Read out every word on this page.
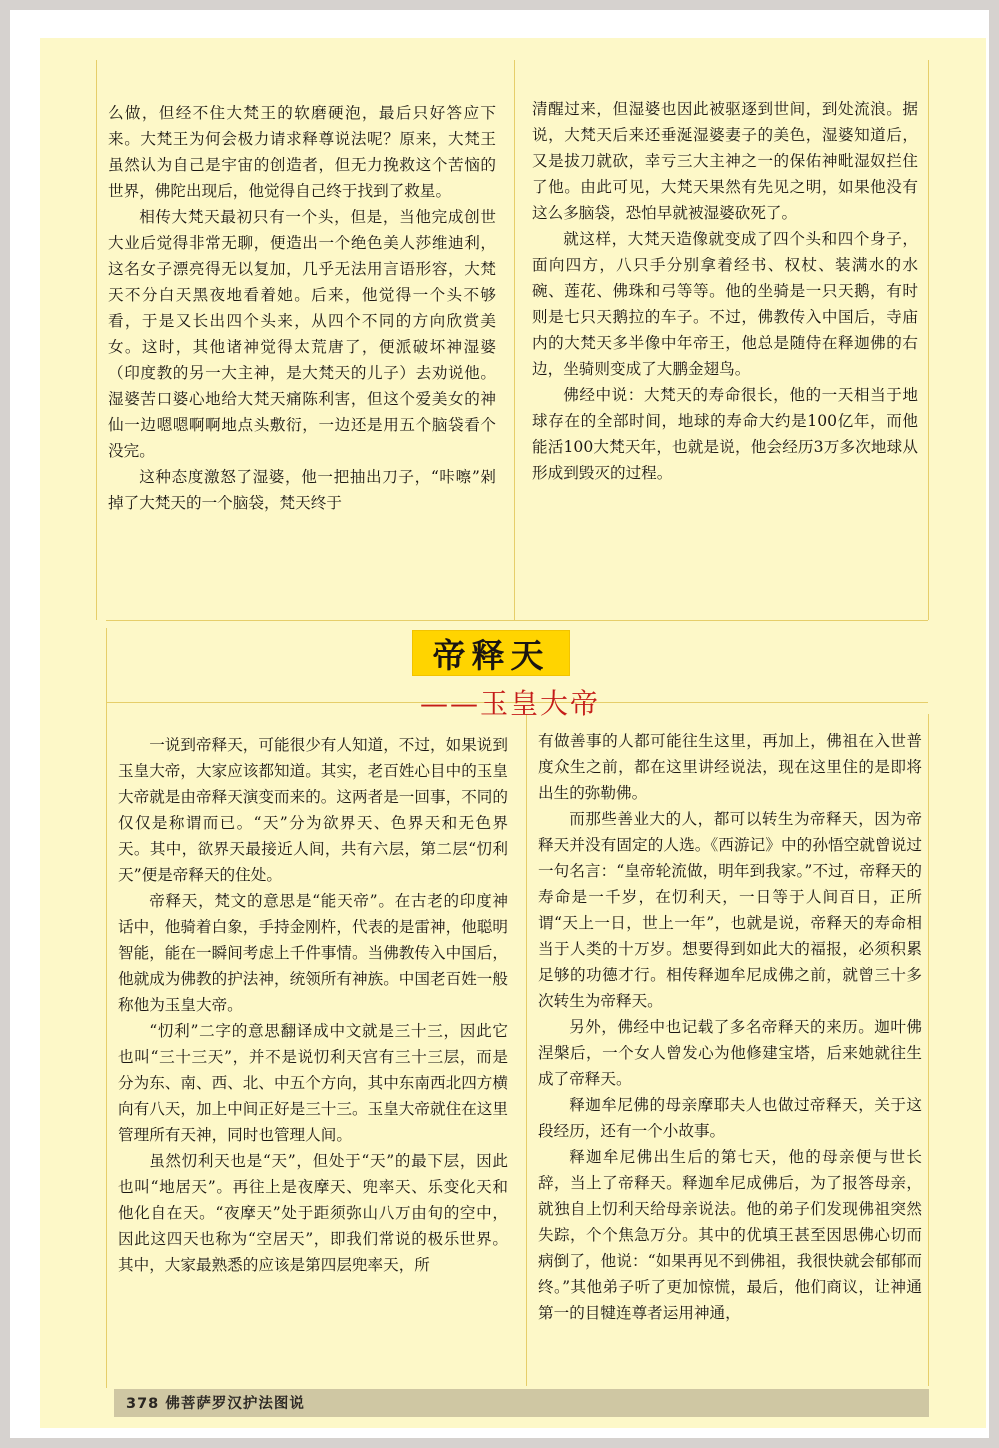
么做，但经不住大梵王的软磨硬泡，最后只好答应下来。大梵王为何会极力请求释尊说法呢？原来，大梵王虽然认为自己是宇宙的创造者，但无力挽救这个苦恼的世界，佛陀出现后，他觉得自己终于找到了救星。

相传大梵天最初只有一个头，但是，当他完成创世大业后觉得非常无聊，便造出一个绝色美人莎维迪利，这名女子漂亮得无以复加，几乎无法用言语形容，大梵天不分白天黑夜地看着她。后来，他觉得一个头不够看，于是又长出四个头来，从四个不同的方向欣赏美女。这时，其他诸神觉得太荒唐了，便派破坏神湿婆（印度教的另一大主神，是大梵天的儿子）去劝说他。湿婆苦口婆心地给大梵天痛陈利害，但这个爱美女的神仙一边嗯嗯啊啊地点头敷衍，一边还是用五个脑袋看个没完。

这种态度激怒了湿婆，他一把抽出刀子，“咔嚓”剁掉了大梵天的一个脑袋，梵天终于

清醒过来，但湿婆也因此被驱逐到世间，到处流浪。据说，大梵天后来还垂涎湿婆妻子的美色，湿婆知道后，又是拔刀就砍，幸亏三大主神之一的保佑神毗湿奴拦住了他。由此可见，大梵天果然有先见之明，如果他没有这么多脑袋，恐怕早就被湿婆砍死了。

就这样，大梵天造像就变成了四个头和四个身子，面向四方，八只手分别拿着经书、权杖、装满水的水碗、莲花、佛珠和弓等等。他的坐骑是一只天鹅，有时则是七只天鹅拉的车子。不过，佛教传入中国后，寺庙内的大梵天多半像中年帝王，他总是随侍在释迦佛的右边，坐骑则变成了大鹏金翅鸟。

佛经中说：大梵天的寿命很长，他的一天相当于地球存在的全部时间，地球的寿命大约是100亿年，而他能活100大梵天年，也就是说，他会经历3万多次地球从形成到毁灭的过程。

帝释天
——玉皇大帝

一说到帝释天，可能很少有人知道，不过，如果说到玉皇大帝，大家应该都知道。其实，老百姓心目中的玉皇大帝就是由帝释天演变而来的。这两者是一回事，不同的仅仅是称谓而已。“天”分为欲界天、色界天和无色界天。其中，欲界天最接近人间，共有六层，第二层“忉利天”便是帝释天的住处。

帝释天，梵文的意思是“能天帝”。在古老的印度神话中，他骑着白象，手持金刚杵，代表的是雷神，他聪明智能，能在一瞬间考虑上千件事情。当佛教传入中国后，他就成为佛教的护法神，统领所有神族。中国老百姓一般称他为玉皇大帝。

“忉利”二字的意思翻译成中文就是三十三，因此它也叫“三十三天”，并不是说忉利天宫有三十三层，而是分为东、南、西、北、中五个方向，其中东南西北四方横向有八天，加上中间正好是三十三。玉皇大帝就住在这里管理所有天神，同时也管理人间。

虽然忉利天也是“天”，但处于“天”的最下层，因此也叫“地居天”。再往上是夜摩天、兜率天、乐变化天和他化自在天。“夜摩天”处于距须弥山八万由旬的空中，因此这四天也称为“空居天”，即我们常说的极乐世界。其中，大家最熟悉的应该是第四层兜率天，所

有做善事的人都可能往生这里，再加上，佛祖在入世普度众生之前，都在这里讲经说法，现在这里住的是即将出生的弥勒佛。

而那些善业大的人，都可以转生为帝释天，因为帝释天并没有固定的人选。《西游记》中的孙悟空就曾说过一句名言：“皇帝轮流做，明年到我家。”不过，帝释天的寿命是一千岁，在忉利天，一日等于人间百日，正所谓“天上一日，世上一年”，也就是说，帝释天的寿命相当于人类的十万岁。想要得到如此大的福报，必须积累足够的功德才行。相传释迦牟尼成佛之前，就曾三十多次转生为帝释天。

另外，佛经中也记载了多名帝释天的来历。迦叶佛涅槃后，一个女人曾发心为他修建宝塔，后来她就往生成了帝释天。

释迦牟尼佛的母亲摩耶夫人也做过帝释天，关于这段经历，还有一个小故事。

释迦牟尼佛出生后的第七天，他的母亲便与世长辞，当上了帝释天。释迦牟尼成佛后，为了报答母亲，就独自上忉利天给母亲说法。他的弟子们发现佛祖突然失踪，个个焦急万分。其中的优填王甚至因思佛心切而病倒了，他说：“如果再见不到佛祖，我很快就会郁郁而终。”其他弟子听了更加惊慌，最后，他们商议，让神通第一的目犍连尊者运用神通，

378 佛菩萨罗汉护法图说
